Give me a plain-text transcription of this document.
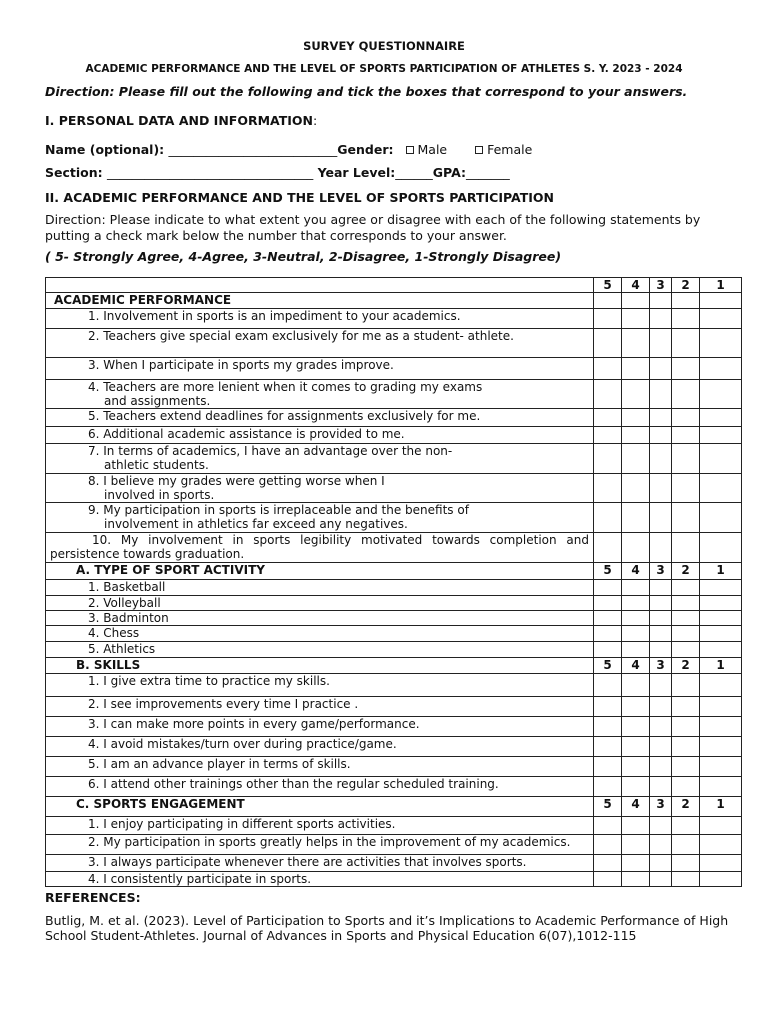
SURVEY QUESTIONNAIRE
ACADEMIC PERFORMANCE AND THE LEVEL OF SPORTS PARTICIPATION OF ATHLETES S. Y. 2023 - 2024
Direction: Please fill out the following and tick the boxes that correspond to your answers.
I. PERSONAL DATA AND INFORMATION:
Name (optional): ___________________________Gender: Male	Female
Section: _________________________________ Year Level:______GPA:_______
II. ACADEMIC PERFORMANCE AND THE LEVEL OF SPORTS PARTICIPATION
Direction: Please indicate to what extent you agree or disagree with each of the following statements by putting a check mark below the number that corresponds to your answer.
( 5- Strongly Agree, 4-Agree, 3-Neutral, 2-Disagree, 1-Strongly Disagree)
	5	4	3	2	1
ACADEMIC PERFORMANCE					
1. Involvement in sports is an impediment to your academics.					
2. Teachers give special exam exclusively for me as a student- athlete.					
3. When I participate in sports my grades improve.					
4. Teachers are more lenient when it comes to grading my exams
and assignments.					

5. Teachers extend deadlines for assignments exclusively for me.					
6. Additional academic assistance is provided to me.					
7. In terms of academics, I have an advantage over the non-
athletic students.					

8. I believe my grades were getting worse when I
involved in sports.					

9. My participation in sports is irreplaceable and the benefits of
involvement in athletics far exceed any negatives.					

10. My involvement in sports legibility motivated towards completion and persistence towards graduation.					
A. TYPE OF SPORT ACTIVITY	5	4	3	2	1
1. Basketball					
2. Volleyball					
3. Badminton					
4. Chess					
5. Athletics					
B. SKILLS	5	4	3	2	1
1. I give extra time to practice my skills.					
2. I see improvements every time I practice .					
3. I can make more points in every game/performance.					
4. I avoid mistakes/turn over during practice/game.					
5. I am an advance player in terms of skills.					
6. I attend other trainings other than the regular scheduled training.					
C. SPORTS ENGAGEMENT	5	4	3	2	1
1. I enjoy participating in different sports activities.					
2. My participation in sports greatly helps in the improvement of my academics.					
3. I always participate whenever there are activities that involves sports.					
4. I consistently participate in sports.					
REFERENCES:
Butlig, M. et al. (2023). Level of Participation to Sports and it’s Implications to Academic Performance of High School Student-Athletes. Journal of Advances in Sports and Physical Education 6(07),1012-115
